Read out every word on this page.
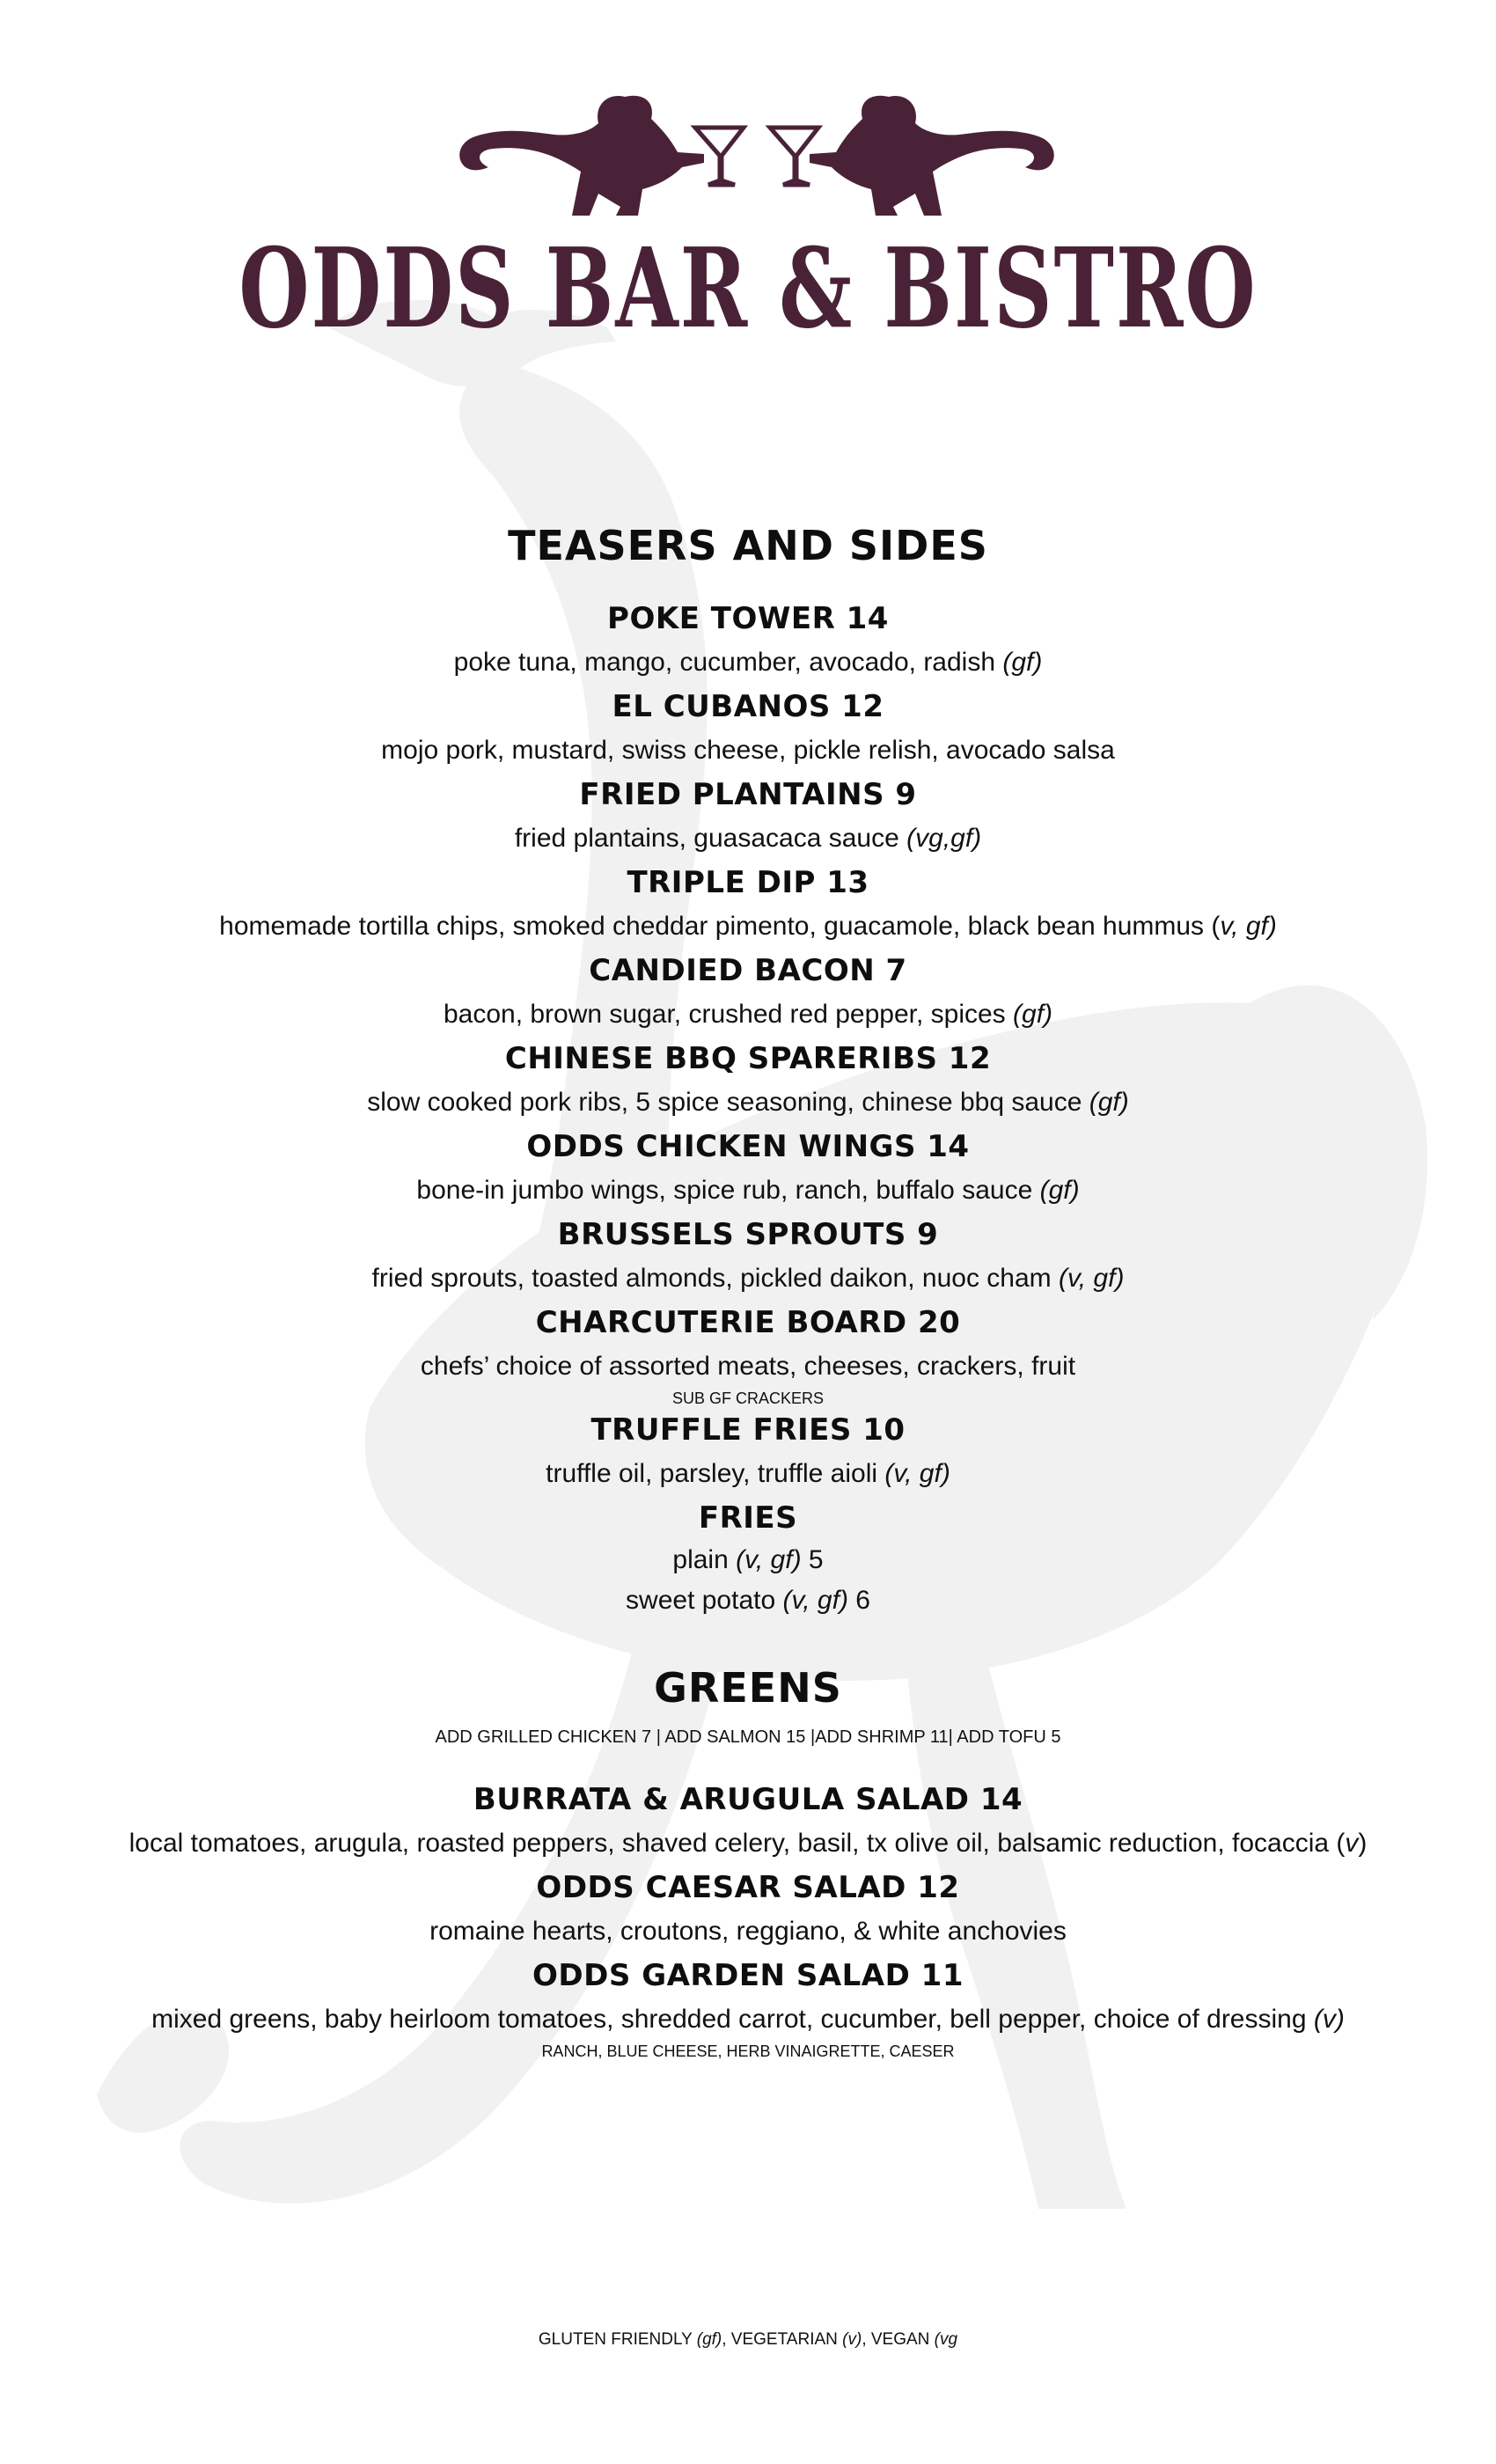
ODDS BAR & BISTRO
TEASERS AND SIDES

POKE TOWER 14

poke tuna, mango, cucumber, avocado, radish (gf)

EL CUBANOS 12

mojo pork, mustard, swiss cheese, pickle relish, avocado salsa

FRIED PLANTAINS 9

fried plantains, guasacaca sauce (vg,gf)

TRIPLE DIP 13

homemade tortilla chips, smoked cheddar pimento, guacamole, black bean hummus (v, gf)

CANDIED BACON 7

bacon, brown sugar, crushed red pepper, spices (gf)

CHINESE BBQ SPARERIBS 12

slow cooked pork ribs, 5 spice seasoning, chinese bbq sauce (gf)

ODDS CHICKEN WINGS 14

bone-in jumbo wings, spice rub, ranch, buffalo sauce (gf)

BRUSSELS SPROUTS 9

fried sprouts, toasted almonds, pickled daikon, nuoc cham (v, gf)

CHARCUTERIE BOARD 20

chefs’ choice of assorted meats, cheeses, crackers, fruit

SUB GF CRACKERS

TRUFFLE FRIES 10

truffle oil, parsley, truffle aioli (v, gf)

FRIES

plain (v, gf) 5

sweet potato (v, gf) 6

GREENS

ADD GRILLED CHICKEN 7 | ADD SALMON 15 |ADD SHRIMP 11| ADD TOFU 5

BURRATA & ARUGULA SALAD 14

local tomatoes, arugula, roasted peppers, shaved celery, basil, tx olive oil, balsamic reduction, focaccia (v)

ODDS CAESAR SALAD 12

romaine hearts, croutons, reggiano, & white anchovies

ODDS GARDEN SALAD 11

mixed greens, baby heirloom tomatoes, shredded carrot, cucumber, bell pepper, choice of dressing (v)

RANCH, BLUE CHEESE, HERB VINAIGRETTE, CAESER

GLUTEN FRIENDLY (gf), VEGETARIAN (v), VEGAN (vg
